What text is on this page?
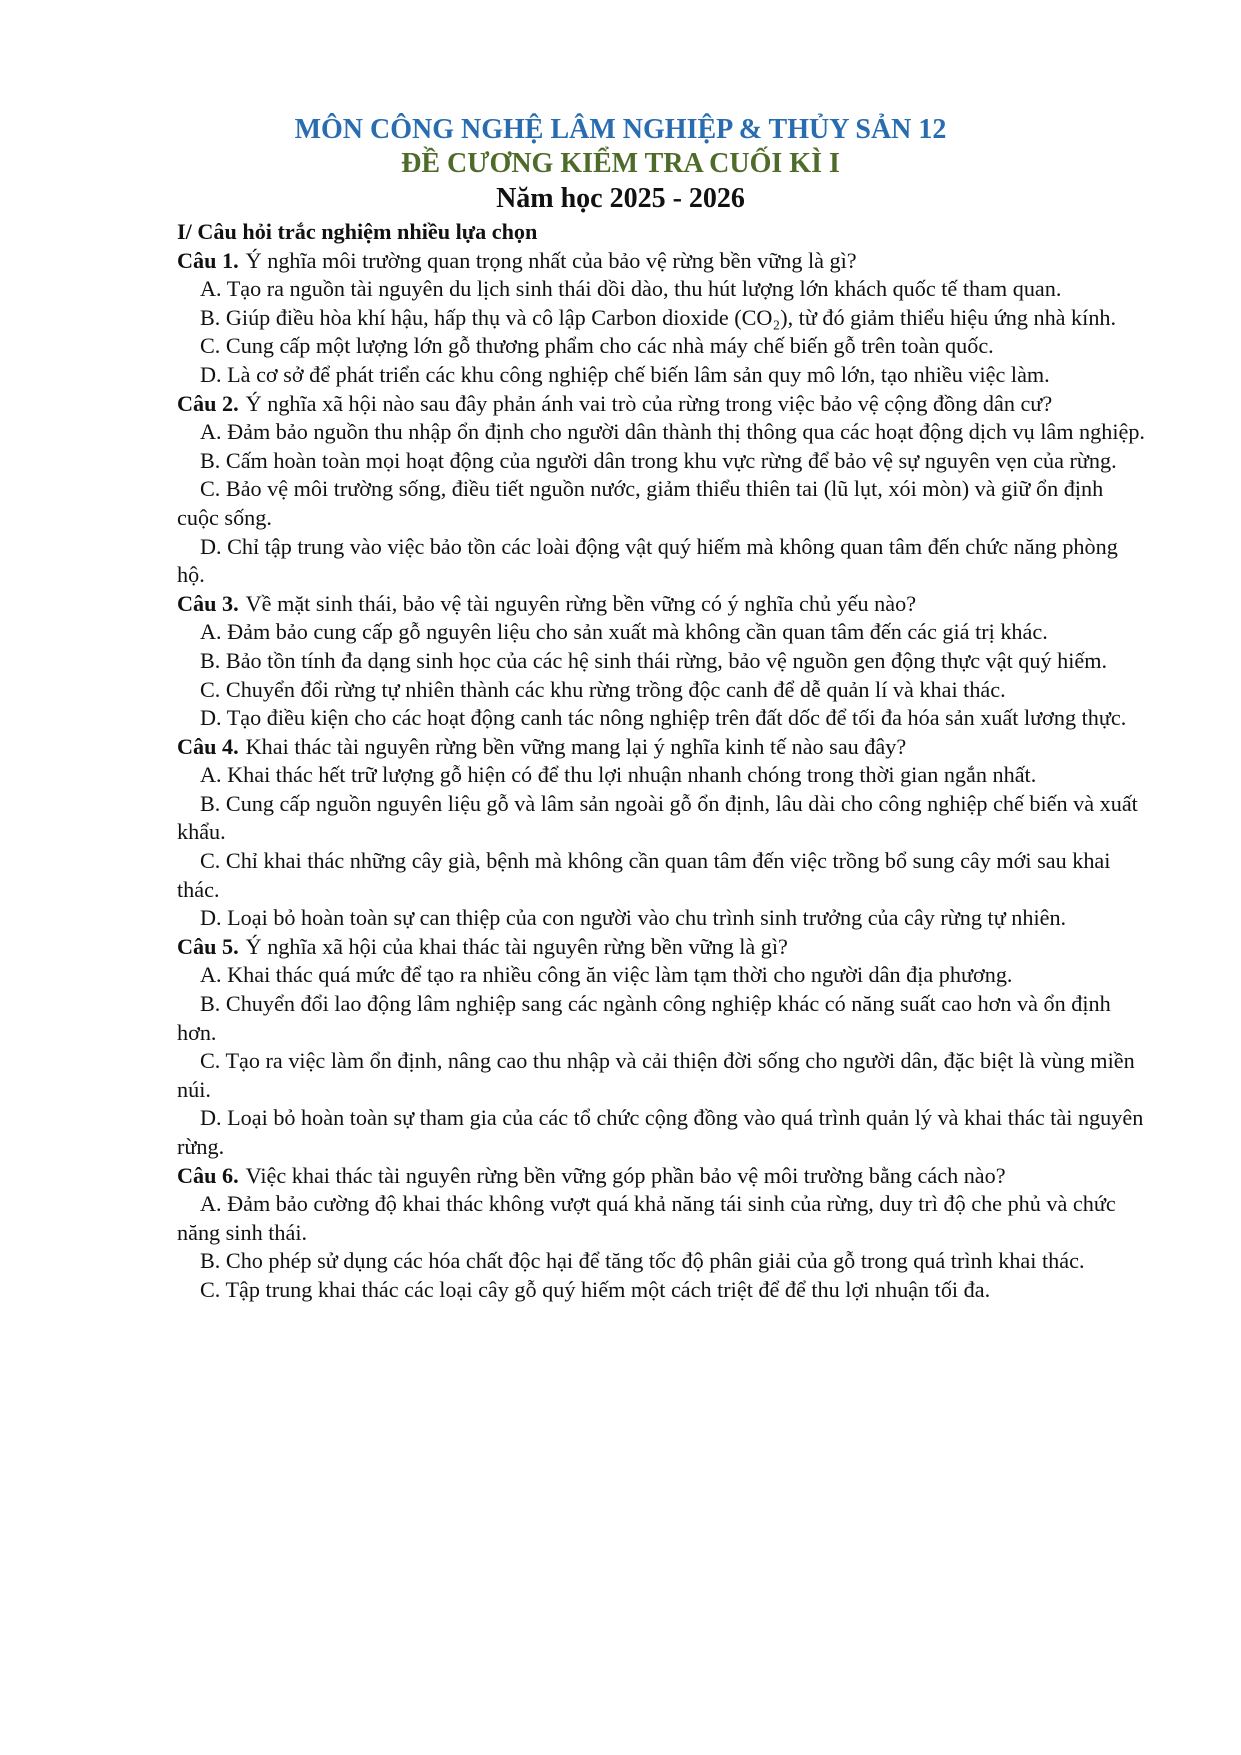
MÔN CÔNG NGHỆ LÂM NGHIỆP & THỦY SẢN 12
ĐỀ CƯƠNG KIỂM TRA CUỐI KÌ I
Năm học 2025 - 2026
I/ Câu hỏi trắc nghiệm nhiều lựa chọn
Câu 1. Ý nghĩa môi trường quan trọng nhất của bảo vệ rừng bền vững là gì?
A. Tạo ra nguồn tài nguyên du lịch sinh thái dồi dào, thu hút lượng lớn khách quốc tế tham quan.
B. Giúp điều hòa khí hậu, hấp thụ và cô lập Carbon dioxide (CO₂), từ đó giảm thiểu hiệu ứng nhà kính.
C. Cung cấp một lượng lớn gỗ thương phẩm cho các nhà máy chế biến gỗ trên toàn quốc.
D. Là cơ sở để phát triển các khu công nghiệp chế biến lâm sản quy mô lớn, tạo nhiều việc làm.
Câu 2. Ý nghĩa xã hội nào sau đây phản ánh vai trò của rừng trong việc bảo vệ cộng đồng dân cư?
A. Đảm bảo nguồn thu nhập ổn định cho người dân thành thị thông qua các hoạt động dịch vụ lâm nghiệp.
B. Cấm hoàn toàn mọi hoạt động của người dân trong khu vực rừng để bảo vệ sự nguyên vẹn của rừng.
C. Bảo vệ môi trường sống, điều tiết nguồn nước, giảm thiểu thiên tai (lũ lụt, xói mòn) và giữ ổn định cuộc sống.
D. Chỉ tập trung vào việc bảo tồn các loài động vật quý hiếm mà không quan tâm đến chức năng phòng hộ.
Câu 3. Về mặt sinh thái, bảo vệ tài nguyên rừng bền vững có ý nghĩa chủ yếu nào?
A. Đảm bảo cung cấp gỗ nguyên liệu cho sản xuất mà không cần quan tâm đến các giá trị khác.
B. Bảo tồn tính đa dạng sinh học của các hệ sinh thái rừng, bảo vệ nguồn gen động thực vật quý hiếm.
C. Chuyển đổi rừng tự nhiên thành các khu rừng trồng độc canh để dễ quản lí và khai thác.
D. Tạo điều kiện cho các hoạt động canh tác nông nghiệp trên đất dốc để tối đa hóa sản xuất lương thực.
Câu 4. Khai thác tài nguyên rừng bền vững mang lại ý nghĩa kinh tế nào sau đây?
A. Khai thác hết trữ lượng gỗ hiện có để thu lợi nhuận nhanh chóng trong thời gian ngắn nhất.
B. Cung cấp nguồn nguyên liệu gỗ và lâm sản ngoài gỗ ổn định, lâu dài cho công nghiệp chế biến và xuất khẩu.
C. Chỉ khai thác những cây già, bệnh mà không cần quan tâm đến việc trồng bổ sung cây mới sau khai thác.
D. Loại bỏ hoàn toàn sự can thiệp của con người vào chu trình sinh trưởng của cây rừng tự nhiên.
Câu 5. Ý nghĩa xã hội của khai thác tài nguyên rừng bền vững là gì?
A. Khai thác quá mức để tạo ra nhiều công ăn việc làm tạm thời cho người dân địa phương.
B. Chuyển đổi lao động lâm nghiệp sang các ngành công nghiệp khác có năng suất cao hơn và ổn định hơn.
C. Tạo ra việc làm ổn định, nâng cao thu nhập và cải thiện đời sống cho người dân, đặc biệt là vùng miền núi.
D. Loại bỏ hoàn toàn sự tham gia của các tổ chức cộng đồng vào quá trình quản lý và khai thác tài nguyên rừng.
Câu 6. Việc khai thác tài nguyên rừng bền vững góp phần bảo vệ môi trường bằng cách nào?
A. Đảm bảo cường độ khai thác không vượt quá khả năng tái sinh của rừng, duy trì độ che phủ và chức năng sinh thái.
B. Cho phép sử dụng các hóa chất độc hại để tăng tốc độ phân giải của gỗ trong quá trình khai thác.
C. Tập trung khai thác các loại cây gỗ quý hiếm một cách triệt để để thu lợi nhuận tối đa.
